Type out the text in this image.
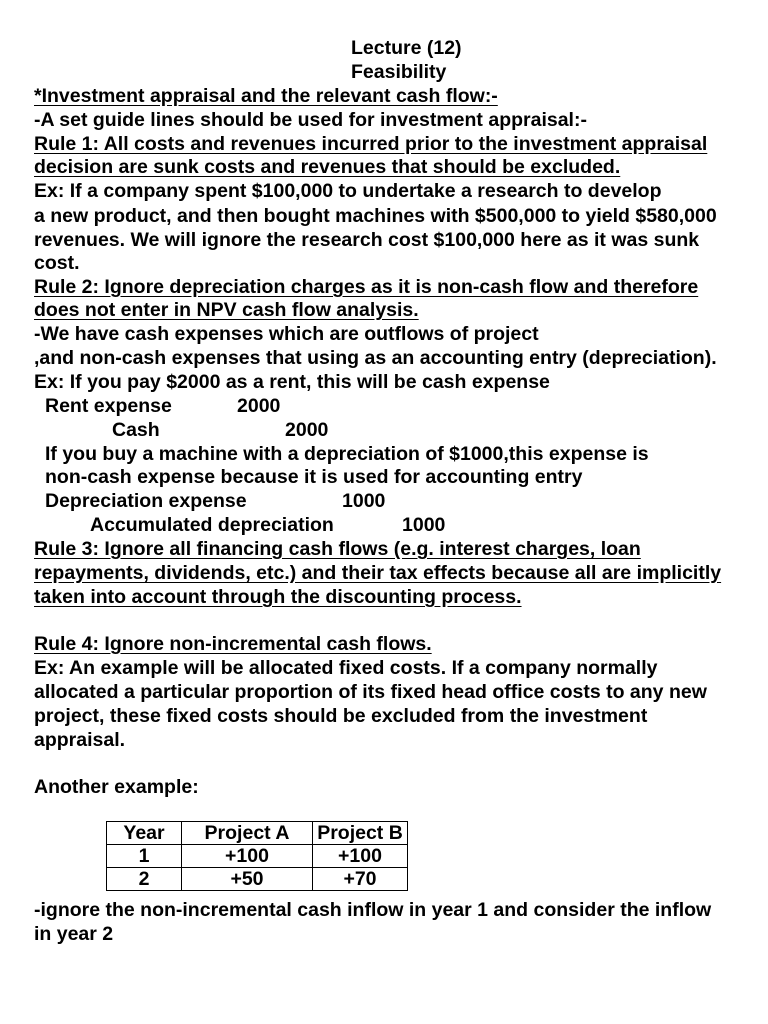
Lecture (12)
Feasibility
*Investment appraisal and the relevant cash flow:-
-A set guide lines should be used for investment appraisal:-
Rule 1: All costs and revenues incurred prior to the investment appraisal
decision are sunk costs and revenues that should be excluded.
Ex: If a company spent $100,000 to undertake a research to develop
a new product, and then bought machines with $500,000 to yield $580,000
revenues. We will ignore the research cost $100,000 here as it was sunk
cost.
Rule 2: Ignore depreciation charges as it is non-cash flow and therefore
does not enter in NPV cash flow analysis.
-We have cash expenses which are outflows of project
,and non-cash expenses that using as an accounting entry (depreciation).
Ex: If you pay $2000 as a rent, this will be cash expense
Rent expense	2000
Cash	2000
If you buy a machine with a depreciation of $1000,this expense is
non-cash expense because it is used for accounting entry
Depreciation expense	1000
Accumulated depreciation	1000
Rule 3: Ignore all financing cash flows (e.g. interest charges, loan
repayments, dividends, etc.) and their tax effects because all are implicitly
taken into account through the discounting process.
Rule 4: Ignore non-incremental cash flows.
Ex: An example will be allocated fixed costs. If a company normally
allocated a particular proportion of its fixed head office costs to any new
project, these fixed costs should be excluded from the investment
appraisal.
Another example:
Year	Project A	Project B
1	+100	+100
2	+50	+70
-ignore the non-incremental cash inflow in year 1 and consider the inflow
in year 2
